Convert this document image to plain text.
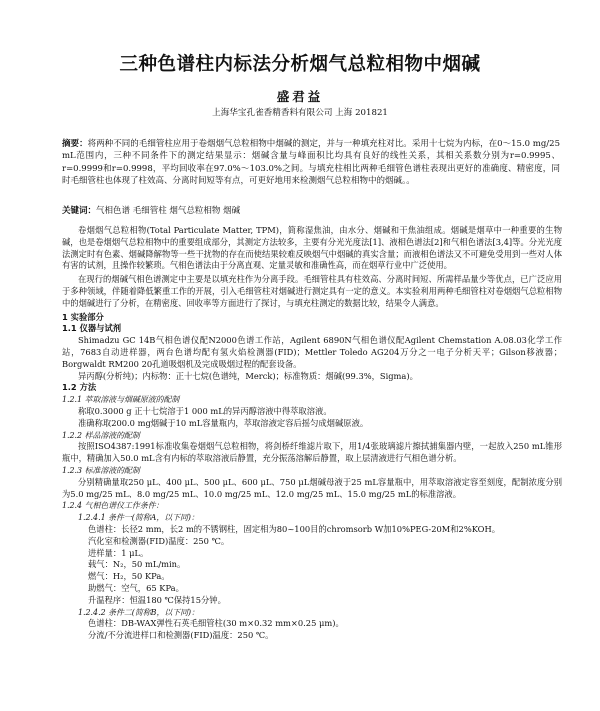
三种色谱柱内标法分析烟气总粒相物中烟碱
盛君益
上海华宝孔雀香精香料有限公司 上海 201821

摘要：将两种不同的毛细管柱应用于卷烟烟气总粒相物中烟碱的测定，并与一种填充柱对比。采用十七烷为内标，在0～15.0 mg/25 mL范围内，三种不同条件下的测定结果显示：烟碱含量与峰面积比均具有良好的线性关系，其相关系数分别为r=0.9995、r=0.9999和r=0.9998，平均回收率在97.0%～103.0%之间。与填充柱相比两种毛细管色谱柱表现出更好的准确度、精密度，同时毛细管柱也体现了柱效高、分离时间短等有点，可更好地用来检测烟气总粒相物中的烟碱。。

关键词：气相色谱 毛细管柱 烟气总粒相物 烟碱

卷烟烟气总粒相物(Total Particulate Matter, TPM)，简称湿焦油，由水分、烟碱和干焦油组成。烟碱是烟草中一种重要的生物碱，也是卷烟烟气总粒相物中的重要组成部分，其测定方法较多，主要有分光光度法[1]、液相色谱法[2]和气相色谱法[3,4]等。分光光度法测定时有色素、烟碱降解物等一些干扰物的存在而使结果较难反映烟气中烟碱的真实含量；而液相色谱法又不可避免受用到一些对人体有害的试剂，且操作较繁琐。气相色谱法由于分离直观、定量灵敏和准确性高，而在烟草行业中广泛使用。

在现行的烟碱气相色谱测定中主要是以填充柱作为分离手段。毛细管柱具有柱效高、分离时间短、所需样品量少等优点，已广泛应用于多种领域，伴随着降低繁重工作的开展，引入毛细管柱对烟碱进行测定具有一定的意义。本实验利用两种毛细管柱对卷烟烟气总粒相物中的烟碱进行了分析，在精密度、回收率等方面进行了探讨，与填充柱测定的数据比较，结果令人满意。

1 实验部分

1.1 仪器与试剂

Shimadzu GC 14B气相色谱仪配N2000色谱工作站，Agilent 6890N气相色谱仪配Agilent Chemstation A.08.03化学工作站，7683自动进样器，两台色谱均配有氢火焰检测器(FID)；Mettler Toledo AG204万分之一电子分析天平；Gilson移液器；Borgwaldt RM200 20孔道吸烟机及完成吸烟过程的配套设备。

异丙醇(分析纯)；内标物：正十七烷(色谱纯，Merck)；标准物质：烟碱(99.3%，Sigma)。

1.2 方法

1.2.1 萃取溶液与烟碱原液的配制

称取0.3000 g 正十七烷溶于1 000 mL的异丙醇溶液中得萃取溶液。

准确称取200.0 mg烟碱于10 mL容量瓶内，萃取溶液定容后摇匀成烟碱原液。

1.2.2 样品溶液的配制

按照ISO4387:1991标准收集卷烟烟气总粒相物，将剑桥纤维滤片取下，用1/4张玻璃滤片擦拭捕集器内壁，一起放入250 mL锥形瓶中，精确加入50.0 mL含有内标的萃取溶液后静置，充分振荡溶解后静置，取上层清液进行气相色谱分析。

1.2.3 标准溶液的配制

分别精确量取250 μL、400 μL、500 μL、600 μL、750 μL烟碱母液于25 mL容量瓶中，用萃取溶液定容至刻度，配制浓度分别为5.0 mg/25 mL、8.0 mg/25 mL、10.0 mg/25 mL、12.0 mg/25 mL、15.0 mg/25 mL的标准溶液。

1.2.4 气相色谱仪工作条件：

1.2.4.1 条件一(简称A，以下同)：

色谱柱：长径2 mm，长2 m的不锈钢柱，固定相为80~100目的chromsorb W加10%PEG-20M和2%KOH。

汽化室和检测器(FID)温度：250 ℃。

进样量：1 μL。

载气：N₂，50 mL/min。

燃气：H₂，50 KPa。

助燃气：空气，65 KPa。

升温程序：恒温180 ℃保持15分钟。

1.2.4.2 条件二(简称B，以下同)：

色谱柱：DB-WAX弹性石英毛细管柱(30 m×0.32 mm×0.25 μm)。

分流/不分流进样口和检测器(FID)温度：250 ℃。
